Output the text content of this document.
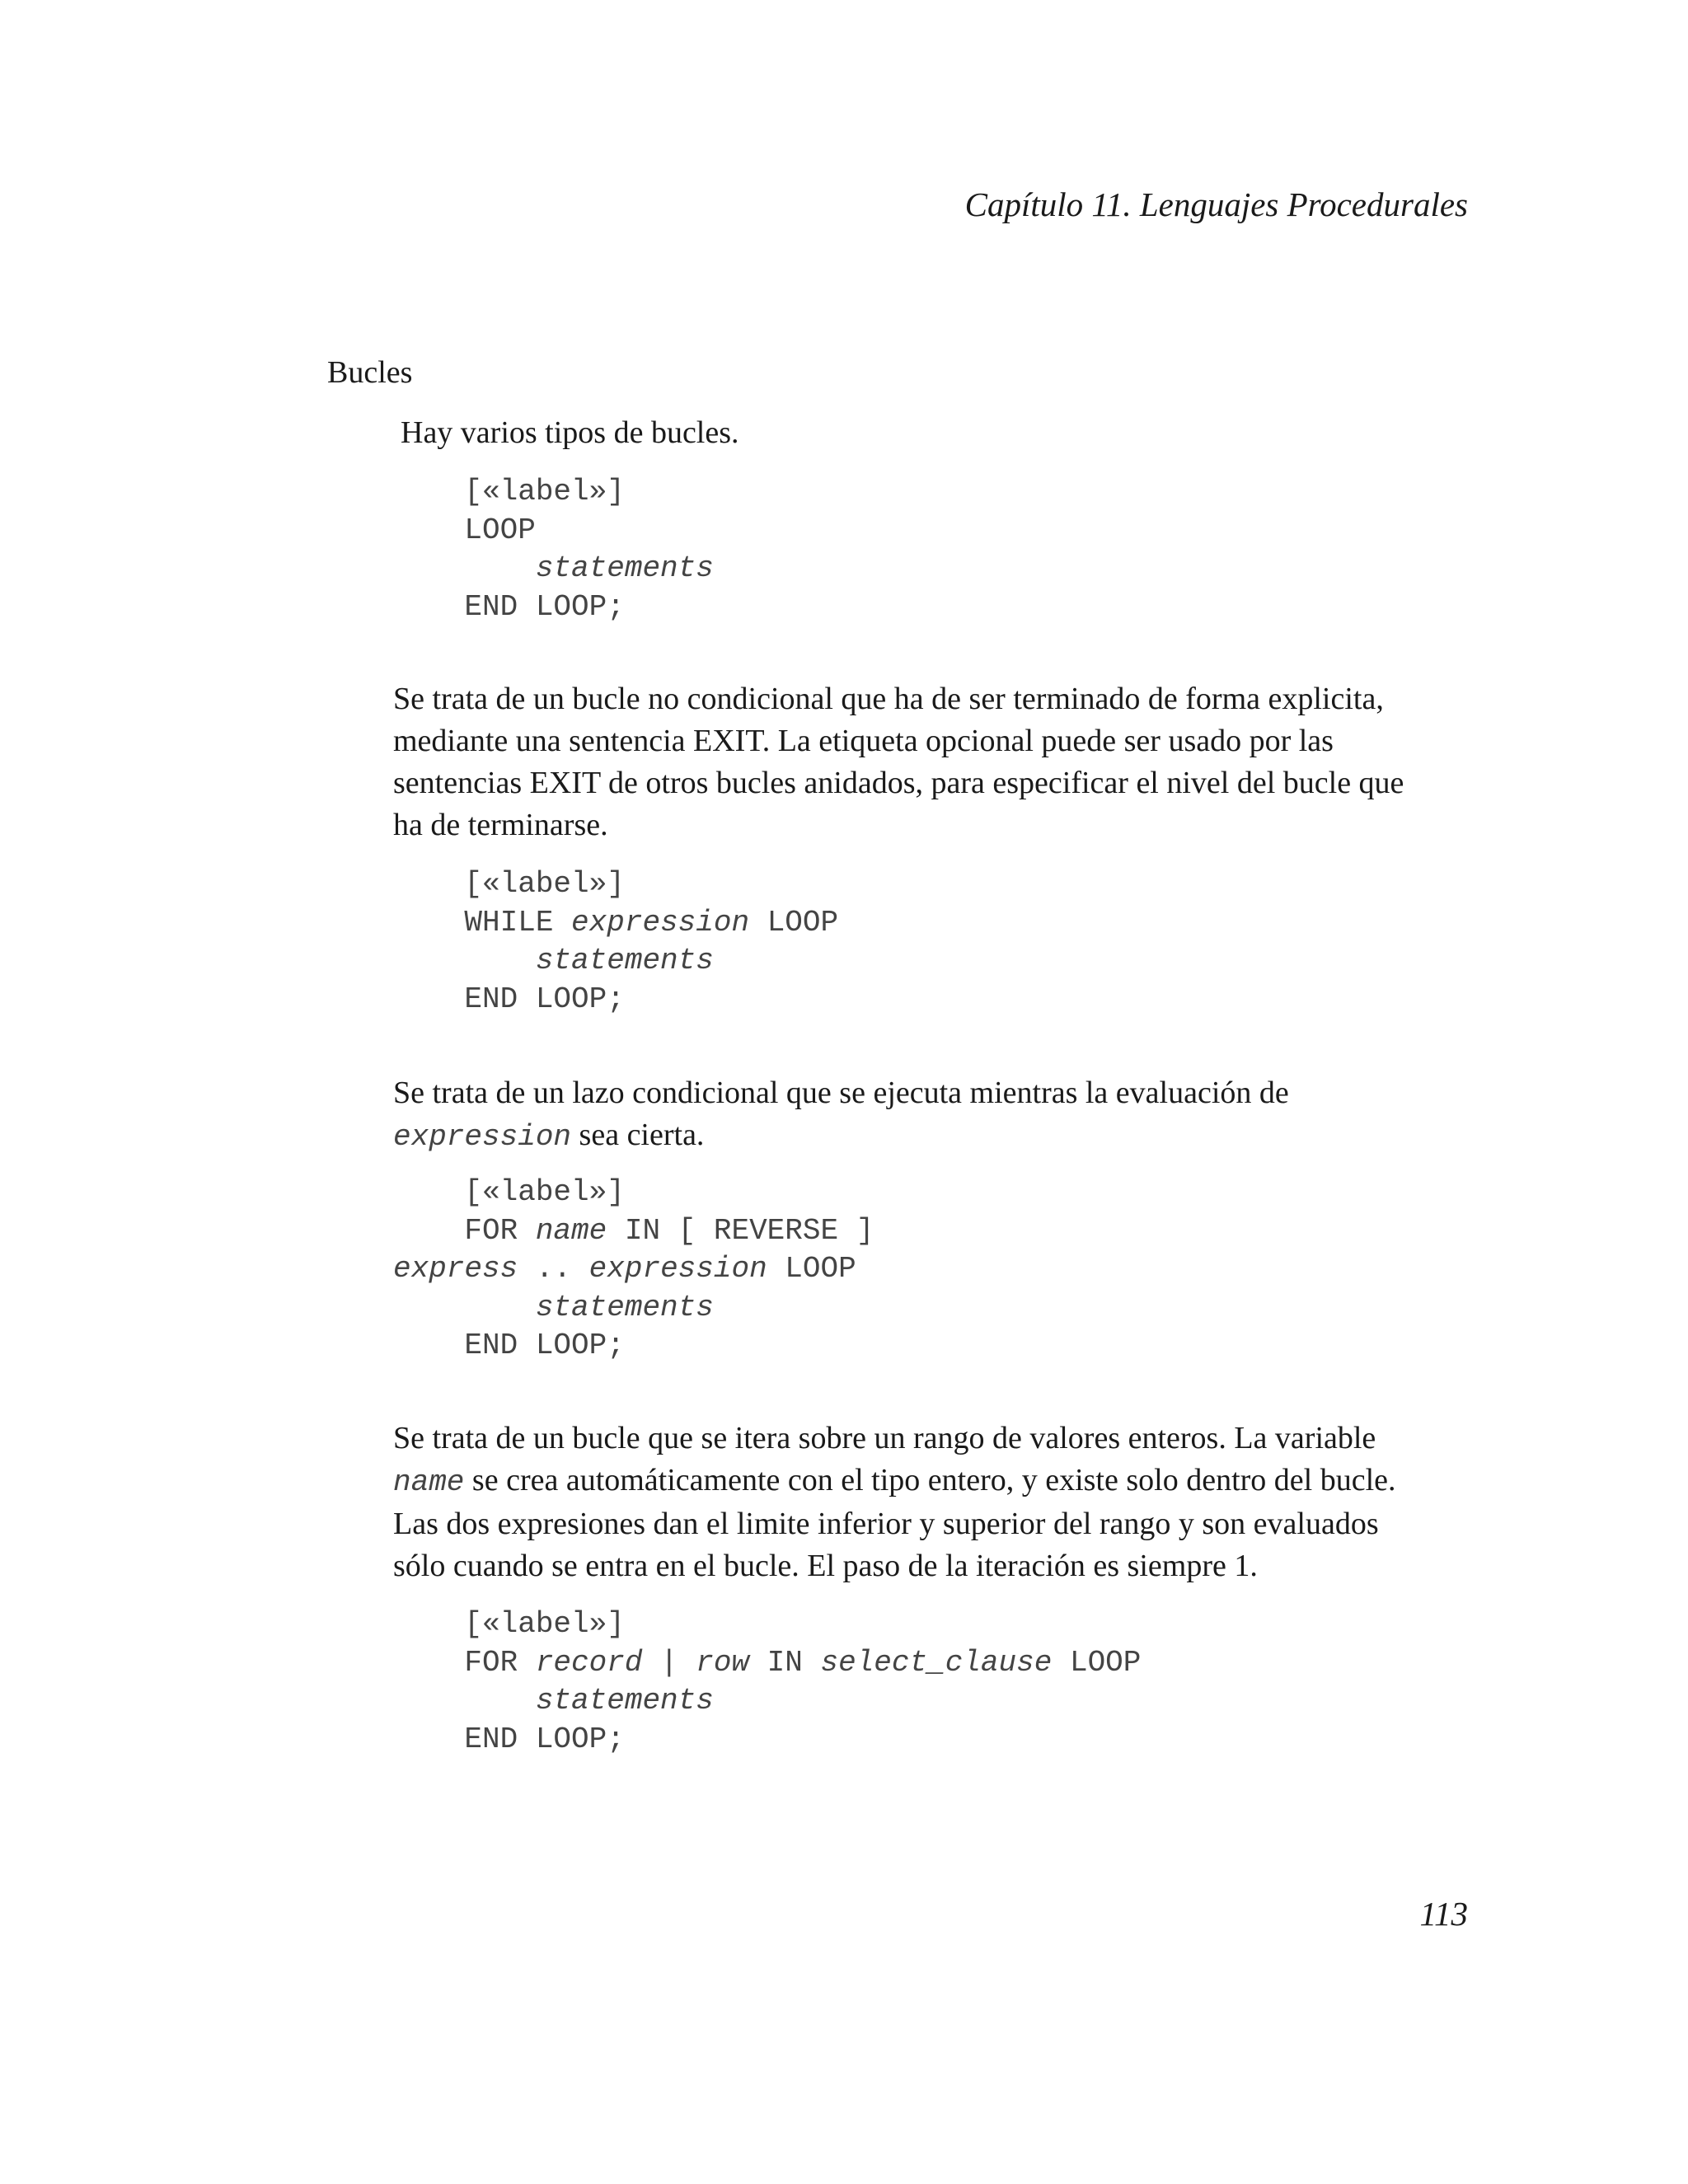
Capítulo 11. Lenguajes Procedurales
Bucles
Hay varios tipos de bucles.
[«label»]
LOOP
statements
END LOOP;
Se trata de un bucle no condicional que ha de ser terminado de forma explicita,
mediante una sentencia EXIT. La etiqueta opcional puede ser usado por las
sentencias EXIT de otros bucles anidados, para especificar el nivel del bucle que
ha de terminarse.
[«label»]
WHILE expression LOOP
statements
END LOOP;
Se trata de un lazo condicional que se ejecuta mientras la evaluación de
expression sea cierta.
[«label»]
FOR name IN [ REVERSE ]
express .. expression LOOP
statements
END LOOP;
Se trata de un bucle que se itera sobre un rango de valores enteros. La variable
name se crea automáticamente con el tipo entero, y existe solo dentro del bucle.
Las dos expresiones dan el limite inferior y superior del rango y son evaluados
sólo cuando se entra en el bucle. El paso de la iteración es siempre 1.
[«label»]
FOR record | row IN select_clause LOOP
statements
END LOOP;
113
